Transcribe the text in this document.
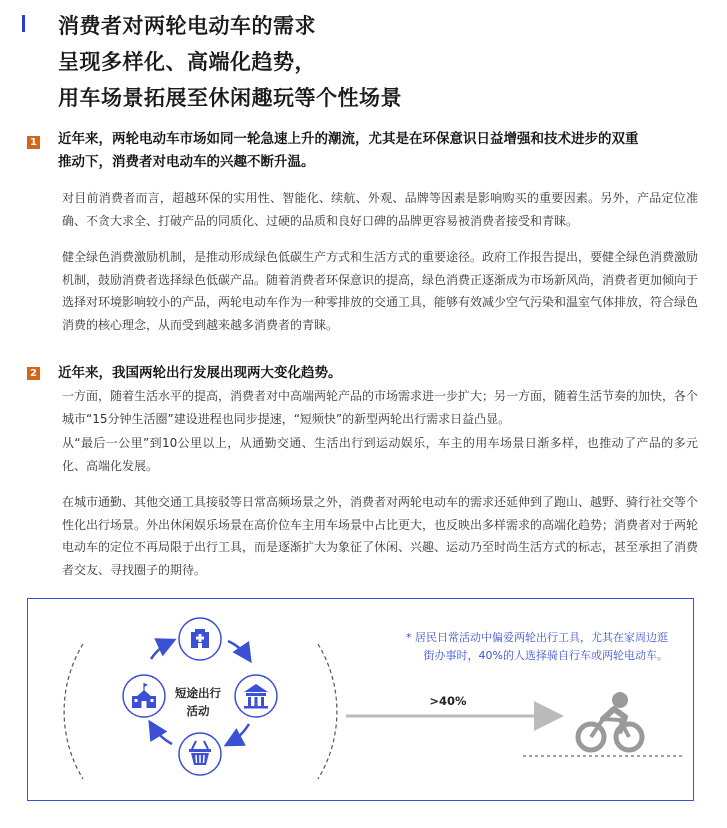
消费者对两轮电动车的需求
呈现多样化、高端化趋势，
用车场景拓展至休闲趣玩等个性场景
1 近年来，两轮电动车市场如同一轮急速上升的潮流，尤其是在环保意识日益增强和技术进步的双重
推动下，消费者对电动车的兴趣不断升温。

对目前消费者而言，超越环保的实用性、智能化、续航、外观、品牌等因素是影响购买的重要因素。另外，产品定位准确、不贪大求全、打破产品的同质化、过硬的品质和良好口碑的品牌更容易被消费者接受和青睐。

健全绿色消费激励机制，是推动形成绿色低碳生产方式和生活方式的重要途径。政府工作报告提出，要健全绿色消费激励机制，鼓励消费者选择绿色低碳产品。随着消费者环保意识的提高，绿色消费正逐渐成为市场新风尚，消费者更加倾向于选择对环境影响较小的产品，两轮电动车作为一种零排放的交通工具，能够有效减少空气污染和温室气体排放，符合绿色消费的核心理念，从而受到越来越多消费者的青睐。

2 近年来，我国两轮出行发展出现两大变化趋势。

一方面，随着生活水平的提高，消费者对中高端两轮产品的市场需求进一步扩大；另一方面，随着生活节奏的加快，各个城市“15分钟生活圈”建设进程也同步提速，“短频快”的新型两轮出行需求日益凸显。

从“最后一公里”到10公里以上，从通勤交通、生活出行到运动娱乐，车主的用车场景日渐多样，也推动了产品的多元化、高端化发展。

在城市通勤、其他交通工具接驳等日常高频场景之外，消费者对两轮电动车的需求还延伸到了跑山、越野、骑行社交等个性化出行场景。外出休闲娱乐场景在高价位车主用车场景中占比更大，也反映出多样需求的高端化趋势；消费者对于两轮电动车的定位不再局限于出行工具，而是逐渐扩大为象征了休闲、兴趣、运动乃至时尚生活方式的标志，甚至承担了消费者交友、寻找圈子的期待。

短途出行
活动
* 居民日常活动中偏爱两轮出行工具，尤其在家周边逛
街办事时，40%的人选择骑自行车或两轮电动车。
>40%
